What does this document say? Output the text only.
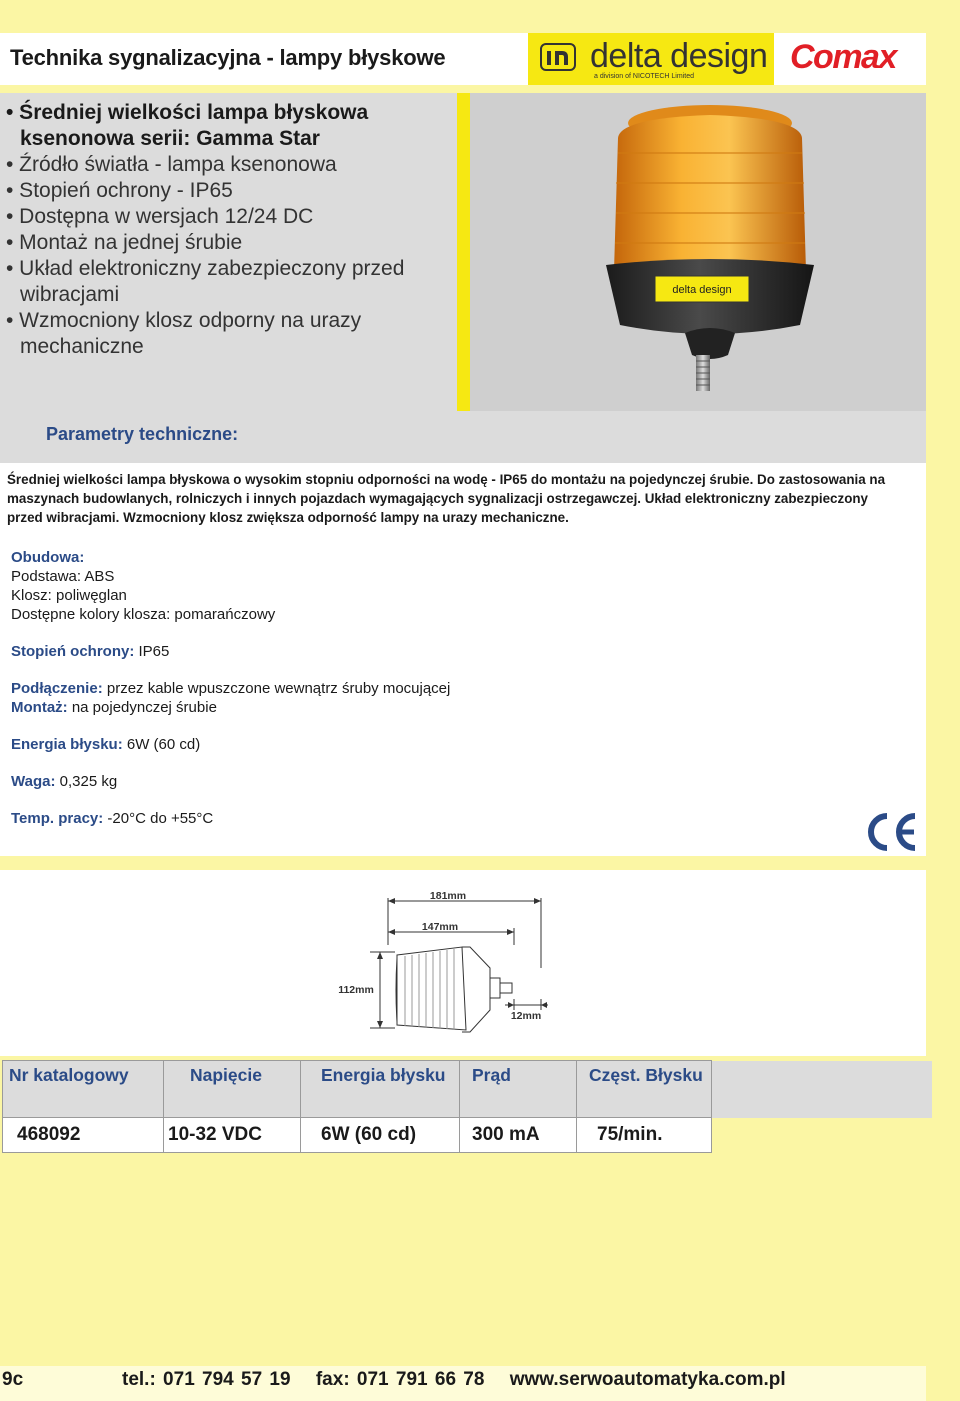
Technika sygnalizacyjna - lampy błyskowe	delta design
a division of NICOTECH Limited
Comax
• Średniej wielkości lampa błyskowa ksenonowa serii: Gamma Star
• Źródło światła - lampa ksenonowa
• Stopień ochrony - IP65
• Dostępna w wersjach 12/24 DC
• Montaż na jednej śrubie
• Układ elektroniczny zabezpieczony przed wibracjami
• Wzmocniony klosz odporny na urazy mechaniczne
delta design
Parametry techniczne:
Średniej wielkości lampa błyskowa o wysokim stopniu odporności na wodę - IP65 do montażu na pojedynczej śrubie. Do zastosowania na maszynach budowlanych, rolniczych i innych pojazdach wymagających sygnalizacji ostrzegawczej. Układ elektroniczny zabezpieczony przed wibracjami. Wzmocniony klosz zwiększa odporność lampy na urazy mechaniczne.
Obudowa:
Podstawa: ABS
Klosz: poliwęglan
Dostępne kolory klosza: pomarańczowy
Stopień ochrony: IP65
Podłączenie: przez kable wpuszczone wewnątrz śruby mocującej
Montaż: na pojedynczej śrubie
Energia błysku: 6W (60 cd)
Waga: 0,325 kg
Temp. pracy: -20°C do +55°C
181mm
147mm
112mm
12mm
Nr katalogowy	Napięcie	Energia błysku	Prąd	Częst. Błysku	
468092	10-32 VDC	6W (60 cd)	300 mA	75/min.	
9c	tel.: 071 794 57 19 fax: 071 791 66 78 www.serwoautomatyka.com.pl
